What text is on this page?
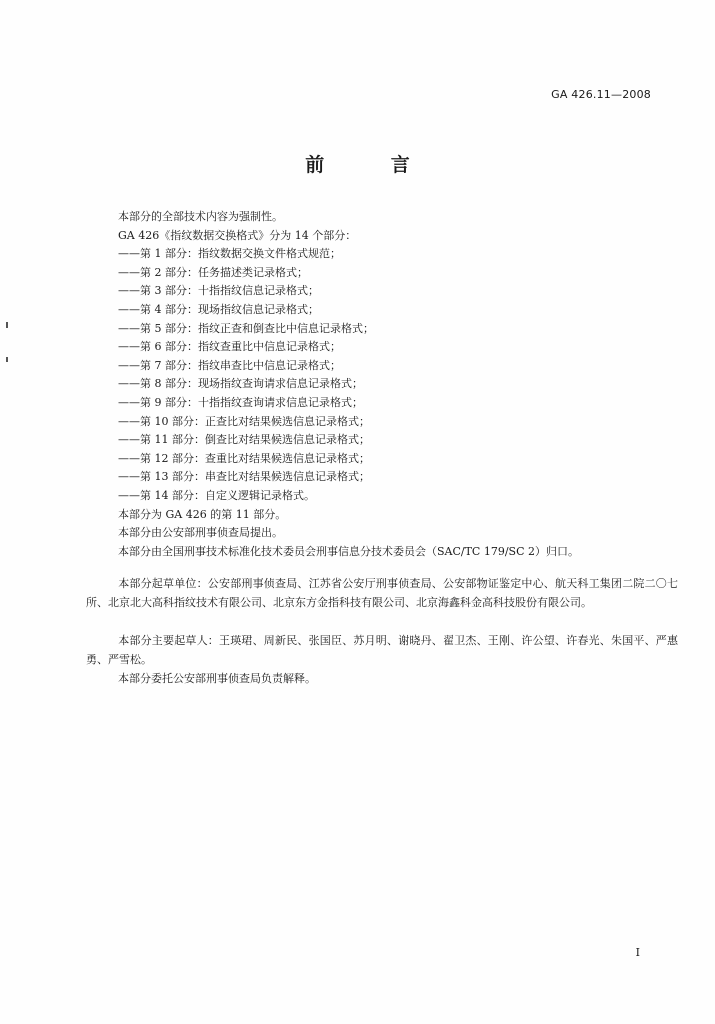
GA 426.11—2008
前 言
本部分的全部技术内容为强制性。
GA 426《指纹数据交换格式》分为 14 个部分：
——第 1 部分：指纹数据交换文件格式规范；
——第 2 部分：任务描述类记录格式；
——第 3 部分：十指指纹信息记录格式；
——第 4 部分：现场指纹信息记录格式；
——第 5 部分：指纹正查和倒查比中信息记录格式；
——第 6 部分：指纹查重比中信息记录格式；
——第 7 部分：指纹串查比中信息记录格式；
——第 8 部分：现场指纹查询请求信息记录格式；
——第 9 部分：十指指纹查询请求信息记录格式；
——第 10 部分：正查比对结果候选信息记录格式；
——第 11 部分：倒查比对结果候选信息记录格式；
——第 12 部分：查重比对结果候选信息记录格式；
——第 13 部分：串查比对结果候选信息记录格式；
——第 14 部分：自定义逻辑记录格式。
本部分为 GA 426 的第 11 部分。
本部分由公安部刑事侦查局提出。
本部分由全国刑事技术标准化技术委员会刑事信息分技术委员会（SAC/TC 179/SC 2）归口。
本部分起草单位：公安部刑事侦查局、江苏省公安厅刑事侦查局、公安部物证鉴定中心、航天科工集团二院二〇七所、北京北大高科指纹技术有限公司、北京东方金指科技有限公司、北京海鑫科金高科技股份有限公司。
本部分主要起草人：王瑛珺、周新民、张国臣、苏月明、谢晓丹、翟卫杰、王刚、许公望、许春光、朱国平、严惠勇、严雪松。
本部分委托公安部刑事侦查局负责解释。
I
